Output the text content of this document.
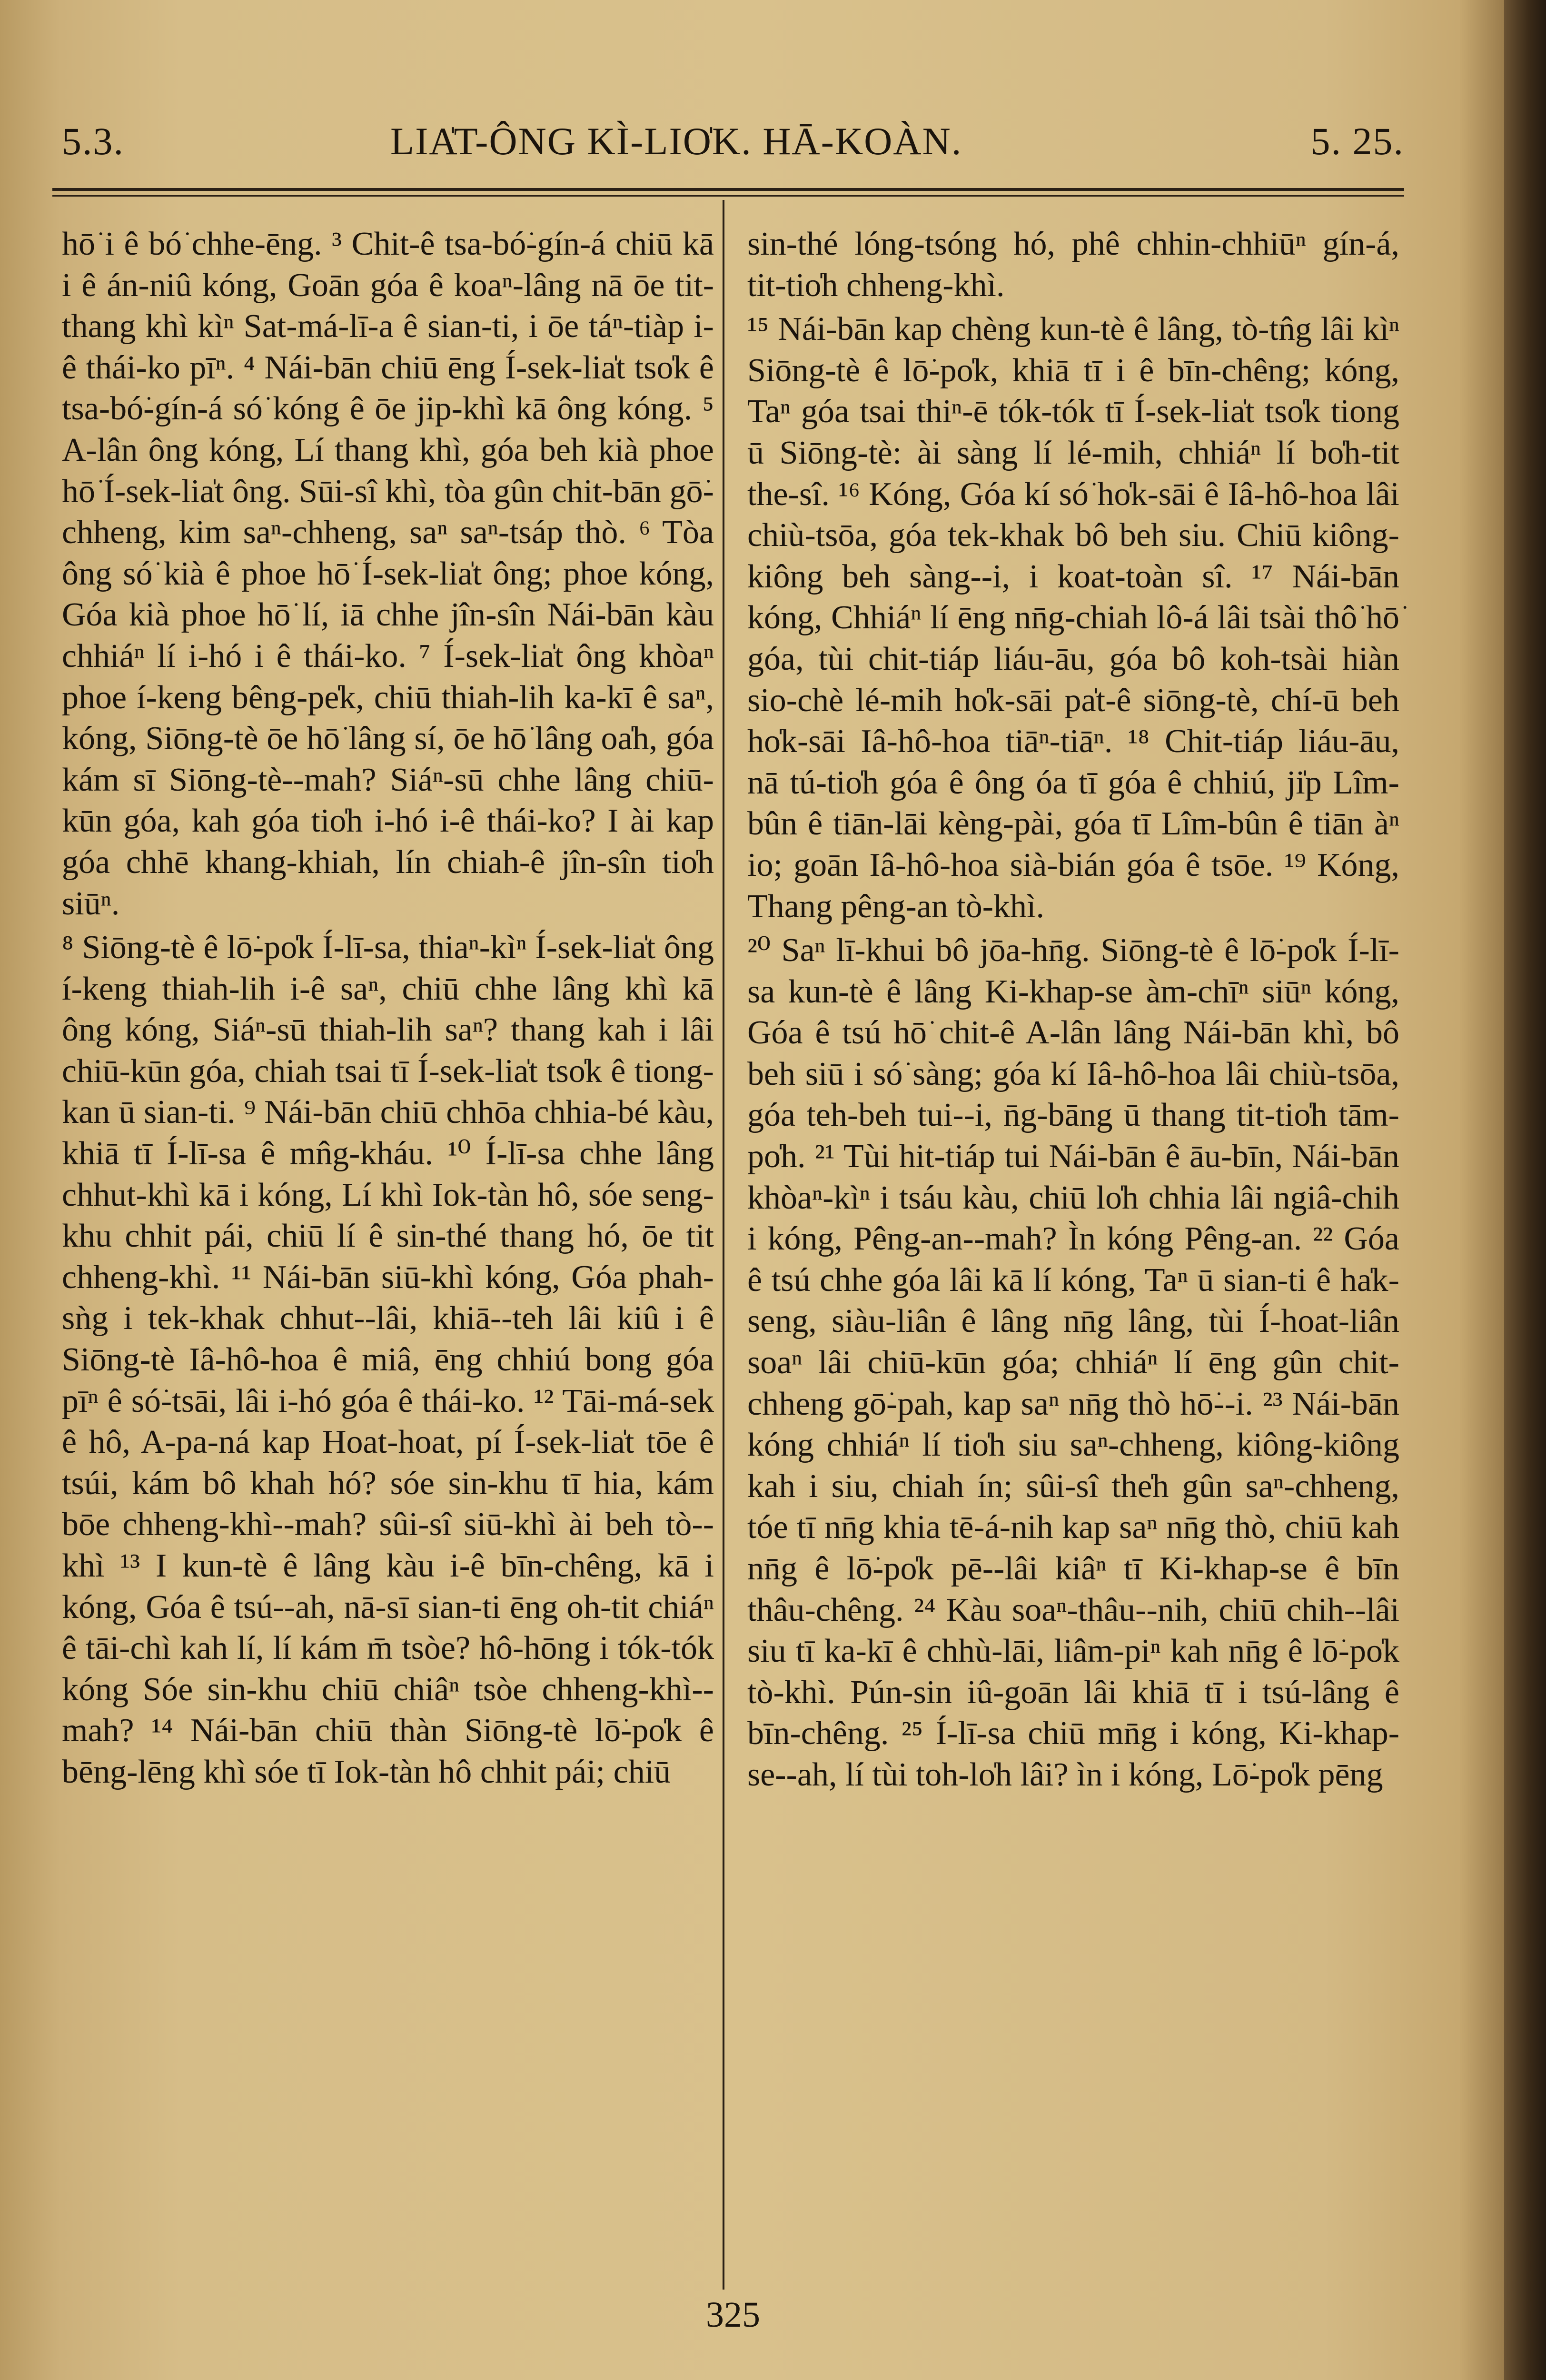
5.3.	LIA̍T-ÔNG KÌ-LIO̍K. HĀ-KOÀN.	5. 25.

hō͘ i ê bó͘ chhe-ēng. ³ Chit-ê tsa-bó͘-gín-á chiū kā i ê án-niû kóng, Goān góa ê koaⁿ-lâng nā ōe tit-thang khì kìⁿ Sat-má-lī-a ê sian-ti, i ōe táⁿ-tiàp i-ê thái-ko pīⁿ. ⁴ Nái-bān chiū ēng Í-sek-lia̍t tso̍k ê tsa-bó͘-gín-á só͘ kóng ê ōe jip-khì kā ông kóng. ⁵ A-lân ông kóng, Lí thang khì, góa beh kià phoe hō͘ Í-sek-lia̍t ông. Sūi-sî khì, tòa gûn chit-bān gō͘-chheng, kim saⁿ-chheng, saⁿ saⁿ-tsáp thò. ⁶ Tòa ông só͘ kià ê phoe hō͘ Í-sek-lia̍t ông; phoe kóng, Góa kià phoe hō͘ lí, iā chhe jîn-sîn Nái-bān kàu chhiáⁿ lí i-hó i ê thái-ko. ⁷ Í-sek-lia̍t ông khòaⁿ phoe í-keng bêng-pe̍k, chiū thiah-lih ka-kī ê saⁿ, kóng, Siōng-tè ōe hō͘ lâng sí, ōe hō͘ lâng oa̍h, góa kám sī Siōng-tè--mah? Siáⁿ-sū chhe lâng chiū-kūn góa, kah góa tio̍h i-hó i-ê thái-ko? I ài kap góa chhē khang-khiah, lín chiah-ê jîn-sîn tio̍h siūⁿ.

⁸ Siōng-tè ê lō͘-po̍k Í-lī-sa, thiaⁿ-kìⁿ Í-sek-lia̍t ông í-keng thiah-lih i-ê saⁿ, chiū chhe lâng khì kā ông kóng, Siáⁿ-sū thiah-lih saⁿ? thang kah i lâi chiū-kūn góa, chiah tsai tī Í-sek-lia̍t tso̍k ê tiong-kan ū sian-ti. ⁹ Nái-bān chiū chhōa chhia-bé kàu, khiā tī Í-lī-sa ê mn̂g-kháu. ¹⁰ Í-lī-sa chhe lâng chhut-khì kā i kóng, Lí khì Iok-tàn hô, sóe seng-khu chhit pái, chiū lí ê sin-thé thang hó, ōe tit chheng-khì. ¹¹ Nái-bān siū-khì kóng, Góa phah-sǹg i tek-khak chhut--lâi, khiā--teh lâi kiû i ê Siōng-tè Iâ-hô-hoa ê miâ, ēng chhiú bong góa pīⁿ ê só͘-tsāi, lâi i-hó góa ê thái-ko. ¹² Tāi-má-sek ê hô, A-pa-ná kap Hoat-hoat, pí Í-sek-lia̍t tōe ê tsúi, kám bô khah hó? sóe sin-khu tī hia, kám bōe chheng-khì--mah? sûi-sî siū-khì ài beh tò--khì ¹³ I kun-tè ê lâng kàu i-ê bīn-chêng, kā i kóng, Góa ê tsú--ah, nā-sī sian-ti ēng oh-tit chiáⁿ ê tāi-chì kah lí, lí kám m̄ tsòe? hô-hōng i tók-tók kóng Sóe sin-khu chiū chiâⁿ tsòe chheng-khì--mah? ¹⁴ Nái-bān chiū thàn Siōng-tè lō͘-po̍k ê bēng-lēng khì sóe tī Iok-tàn hô chhit pái; chiū

sin-thé lóng-tsóng hó, phê chhin-chhiūⁿ gín-á, tit-tio̍h chheng-khì.

¹⁵ Nái-bān kap chèng kun-tè ê lâng, tò-tn̂g lâi kìⁿ Siōng-tè ê lō͘-po̍k, khiā tī i ê bīn-chêng; kóng, Taⁿ góa tsai thiⁿ-ē tók-tók tī Í-sek-lia̍t tso̍k tiong ū Siōng-tè: ài sàng lí lé-mih, chhiáⁿ lí bo̍h-tit the-sî. ¹⁶ Kóng, Góa kí só͘ ho̍k-sāi ê Iâ-hô-hoa lâi chiù-tsōa, góa tek-khak bô beh siu. Chiū kiông-kiông beh sàng--i, i koat-toàn sî. ¹⁷ Nái-bān kóng, Chhiáⁿ lí ēng nn̄g-chiah lô-á lâi tsài thô͘ hō͘ góa, tùi chit-tiáp liáu-āu, góa bô koh-tsài hiàn sio-chè lé-mih ho̍k-sāi pa̍t-ê siōng-tè, chí-ū beh ho̍k-sāi Iâ-hô-hoa tiāⁿ-tiāⁿ. ¹⁸ Chit-tiáp liáu-āu, nā tú-tio̍h góa ê ông óa tī góa ê chhiú, ji̍p Lîm-bûn ê tiān-lāi kèng-pài, góa tī Lîm-bûn ê tiān àⁿ io; goān Iâ-hô-hoa sià-bián góa ê tsōe. ¹⁹ Kóng, Thang pêng-an tò-khì.

²⁰ Saⁿ lī-khui bô jōa-hn̄g. Siōng-tè ê lō͘-po̍k Í-lī-sa kun-tè ê lâng Ki-khap-se àm-chīⁿ siūⁿ kóng, Góa ê tsú hō͘ chit-ê A-lân lâng Nái-bān khì, bô beh siū i só͘ sàng; góa kí Iâ-hô-hoa lâi chiù-tsōa, góa teh-beh tui--i, n̄g-bāng ū thang tit-tio̍h tām-po̍h. ²¹ Tùi hit-tiáp tui Nái-bān ê āu-bīn, Nái-bān khòaⁿ-kìⁿ i tsáu kàu, chiū lo̍h chhia lâi ngiâ-chih i kóng, Pêng-an--mah? Ìn kóng Pêng-an. ²² Góa ê tsú chhe góa lâi kā lí kóng, Taⁿ ū sian-ti ê ha̍k-seng, siàu-liân ê lâng nn̄g lâng, tùi Í-hoat-liân soaⁿ lâi chiū-kūn góa; chhiáⁿ lí ēng gûn chit-chheng gō͘-pah, kap saⁿ nn̄g thò hō͘--i. ²³ Nái-bān kóng chhiáⁿ lí tio̍h siu saⁿ-chheng, kiông-kiông kah i siu, chiah ín; sûi-sî the̍h gûn saⁿ-chheng, tóe tī nn̄g khia tē-á-nih kap saⁿ nn̄g thò, chiū kah nn̄g ê lō͘-po̍k pē--lâi kiâⁿ tī Ki-khap-se ê bīn thâu-chêng. ²⁴ Kàu soaⁿ-thâu--nih, chiū chih--lâi siu tī ka-kī ê chhù-lāi, liâm-piⁿ kah nn̄g ê lō͘-po̍k tò-khì. Pún-sin iû-goān lâi khiā tī i tsú-lâng ê bīn-chêng. ²⁵ Í-lī-sa chiū mn̄g i kóng, Ki-khap-se--ah, lí tùi toh-lo̍h lâi? ìn i kóng, Lō͘-po̍k pēng

325
